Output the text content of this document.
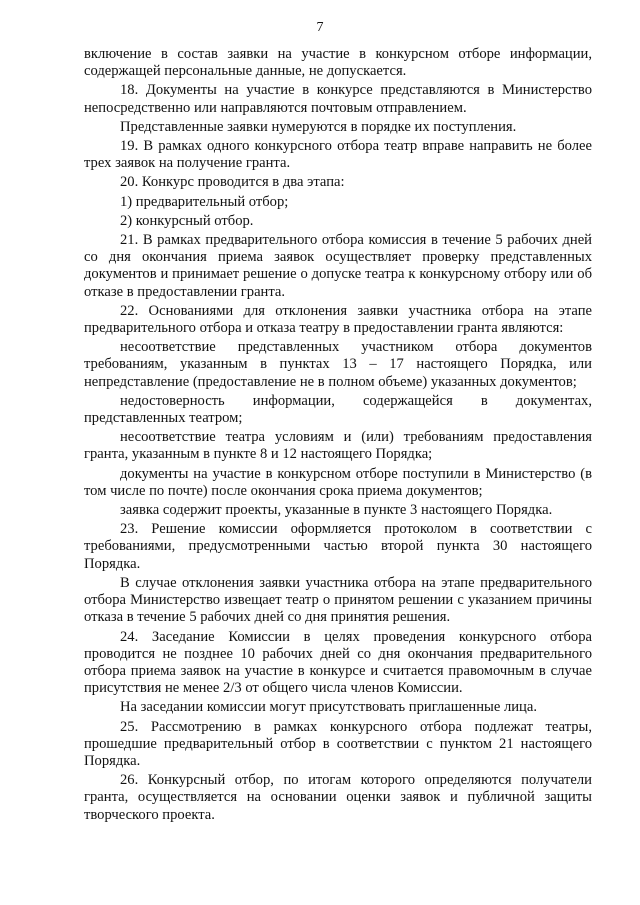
7

включение в состав заявки на участие в конкурсном отборе информации, содержащей персональные данные, не допускается.

18. Документы на участие в конкурсе представляются в Министерство непосредственно или направляются почтовым отправлением.

Представленные заявки нумеруются в порядке их поступления.

19. В рамках одного конкурсного отбора театр вправе направить не более трех заявок на получение гранта.

20. Конкурс проводится в два этапа:

1) предварительный отбор;

2) конкурсный отбор.

21. В рамках предварительного отбора комиссия в течение 5 рабочих дней со дня окончания приема заявок осуществляет проверку представленных документов и принимает решение о допуске театра к конкурсному отбору или об отказе в предоставлении гранта.

22. Основаниями для отклонения заявки участника отбора на этапе предварительного отбора и отказа театру в предоставлении гранта являются:

несоответствие представленных участником отбора документов требованиям, указанным в пунктах 13 – 17 настоящего Порядка, или непредставление (предоставление не в полном объеме) указанных документов;

недостоверность информации, содержащейся в документах, представленных театром;

несоответствие театра условиям и (или) требованиям предоставления гранта, указанным в пункте 8 и 12 настоящего Порядка;

документы на участие в конкурсном отборе поступили в Министерство (в том числе по почте) после окончания срока приема документов;

заявка содержит проекты, указанные в пункте 3 настоящего Порядка.

23. Решение комиссии оформляется протоколом в соответствии с требованиями, предусмотренными частью второй пункта 30 настоящего Порядка.

В случае отклонения заявки участника отбора на этапе предварительного отбора Министерство извещает театр о принятом решении с указанием причины отказа в течение 5 рабочих дней со дня принятия решения.

24. Заседание Комиссии в целях проведения конкурсного отбора проводится не позднее 10 рабочих дней со дня окончания предварительного отбора приема заявок на участие в конкурсе и считается правомочным в случае присутствия не менее 2/3 от общего числа членов Комиссии.

На заседании комиссии могут присутствовать приглашенные лица.

25. Рассмотрению в рамках конкурсного отбора подлежат театры, прошедшие предварительный отбор в соответствии с пунктом 21 настоящего Порядка.

26. Конкурсный отбор, по итогам которого определяются получатели гранта, осуществляется на основании оценки заявок и публичной защиты творческого проекта.
